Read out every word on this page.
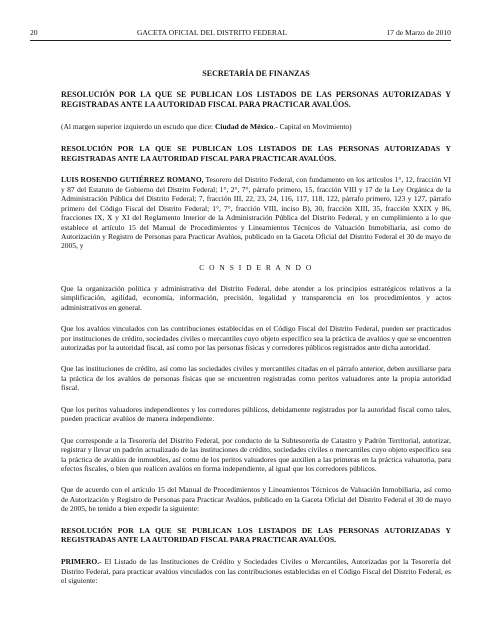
20	GACETA OFICIAL DEL DISTRITO FEDERAL	17 de Marzo de 2010

SECRETARÍA DE FINANZAS

RESOLUCIÓN POR LA QUE SE PUBLICAN LOS LISTADOS DE LAS PERSONAS AUTORIZADAS Y REGISTRADAS ANTE LA AUTORIDAD FISCAL PARA PRACTICAR AVALÚOS.

(Al margen superior izquierdo un escudo que dice: Ciudad de México.- Capital en Movimiento)

RESOLUCIÓN POR LA QUE SE PUBLICAN LOS LISTADOS DE LAS PERSONAS AUTORIZADAS Y REGISTRADAS ANTE LA AUTORIDAD FISCAL PARA PRACTICAR AVALÚOS.

LUIS ROSENDO GUTIÉRREZ ROMANO, Tesorero del Distrito Federal, con fundamento en los artículos 1°, 12, fracción VI y 87 del Estatuto de Gobierno del Distrito Federal; 1°, 2°, 7°, párrafo primero, 15, fracción VIII y 17 de la Ley Orgánica de la Administración Pública del Distrito Federal; 7, fracción III, 22, 23, 24, 116, 117, 118, 122, párrafo primero, 123 y 127, párrafo primero del Código Fiscal del Distrito Federal; 1°, 7°, fracción VIII, inciso B), 30, fracción XIII, 35, fracción XXIX y 86, fracciones IX, X y XI del Reglamento Interior de la Administración Pública del Distrito Federal, y en cumplimiento a lo que establece el artículo 15 del Manual de Procedimientos y Lineamientos Técnicos de Valuación Inmobiliaria, así como de Autorización y Registro de Personas para Practicar Avalúos, publicado en la Gaceta Oficial del Distrito Federal el 30 de mayo de 2005, y

C O N S I D E R A N D O

Que la organización política y administrativa del Distrito Federal, debe atender a los principios estratégicos relativos a la simplificación, agilidad, economía, información, precisión, legalidad y transparencia en los procedimientos y actos administrativos en general.

Que los avalúos vinculados con las contribuciones establecidas en el Código Fiscal del Distrito Federal, pueden ser practicados por instituciones de crédito, sociedades civiles o mercantiles cuyo objeto específico sea la práctica de avalúos y que se encuentren autorizadas por la autoridad fiscal, así como por las personas físicas y corredores públicos registrados ante dicha autoridad.

Que las instituciones de crédito, así como las sociedades civiles y mercantiles citadas en el párrafo anterior, deben auxiliarse para la práctica de los avalúos de personas físicas que se encuentren registradas como peritos valuadores ante la propia autoridad fiscal.

Que los peritos valuadores independientes y los corredores públicos, debidamente registrados por la autoridad fiscal como tales, pueden practicar avalúos de manera independiente.

Que corresponde a la Tesorería del Distrito Federal, por conducto de la Subtesorería de Catastro y Padrón Territorial, autorizar, registrar y llevar un padrón actualizado de las instituciones de crédito, sociedades civiles o mercantiles cuyo objeto específico sea la práctica de avalúos de inmuebles, así como de los peritos valuadores que auxilien a las primeras en la práctica valuatoria, para efectos fiscales, o bien que realicen avalúos en forma independiente, al igual que los corredores públicos.

Que de acuerdo con el artículo 15 del Manual de Procedimientos y Lineamientos Técnicos de Valuación Inmobiliaria, así como de Autorización y Registro de Personas para Practicar Avalúos, publicado en la Gaceta Oficial del Distrito Federal el 30 de mayo de 2005, he tenido a bien expedir la siguiente:

RESOLUCIÓN POR LA QUE SE PUBLICAN LOS LISTADOS DE LAS PERSONAS AUTORIZADAS Y REGISTRADAS ANTE LA AUTORIDAD FISCAL PARA PRACTICAR AVALÚOS.

PRIMERO.- El Listado de las Instituciones de Crédito y Sociedades Civiles o Mercantiles, Autorizadas por la Tesorería del Distrito Federal, para practicar avalúos vinculados con las contribuciones establecidas en el Código Fiscal del Distrito Federal, es el siguiente:
